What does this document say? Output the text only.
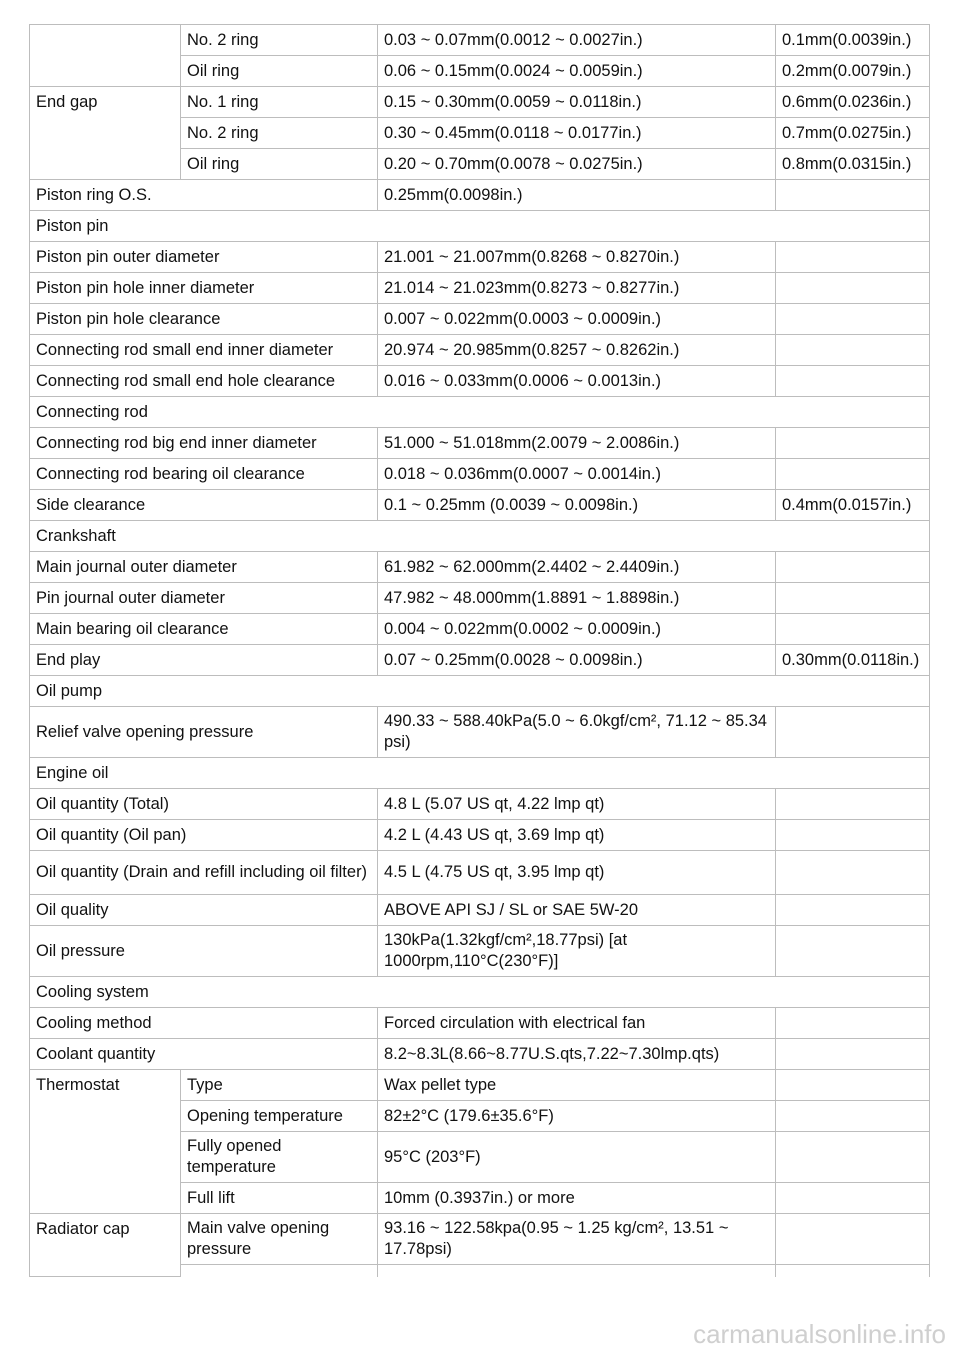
	No. 2 ring	0.03 ~ 0.07mm(0.0012 ~ 0.0027in.)	0.1mm(0.0039in.)
	Oil ring	0.06 ~ 0.15mm(0.0024 ~ 0.0059in.)	0.2mm(0.0079in.)
End gap	No. 1 ring	0.15 ~ 0.30mm(0.0059 ~ 0.0118in.)	0.6mm(0.0236in.)
	No. 2 ring	0.30 ~ 0.45mm(0.0118 ~ 0.0177in.)	0.7mm(0.0275in.)
	Oil ring	0.20 ~ 0.70mm(0.0078 ~ 0.0275in.)	0.8mm(0.0315in.)
Piston ring O.S.		0.25mm(0.0098in.)	
Piston pin			
Piston pin outer diameter		21.001 ~ 21.007mm(0.8268 ~ 0.8270in.)	
Piston pin hole inner diameter		21.014 ~ 21.023mm(0.8273 ~ 0.8277in.)	
Piston pin hole clearance		0.007 ~ 0.022mm(0.0003 ~ 0.0009in.)	
Connecting rod small end inner diameter		20.974 ~ 20.985mm(0.8257 ~ 0.8262in.)	
Connecting rod small end hole clearance		0.016 ~ 0.033mm(0.0006 ~ 0.0013in.)	
Connecting rod			
Connecting rod big end inner diameter		51.000 ~ 51.018mm(2.0079 ~ 2.0086in.)	
Connecting rod bearing oil clearance		0.018 ~ 0.036mm(0.0007 ~ 0.0014in.)	
Side clearance		0.1 ~ 0.25mm (0.0039 ~ 0.0098in.)	0.4mm(0.0157in.)
Crankshaft			
Main journal outer diameter		61.982 ~ 62.000mm(2.4402 ~ 2.4409in.)	
Pin journal outer diameter		47.982 ~ 48.000mm(1.8891 ~ 1.8898in.)	
Main bearing oil clearance		0.004 ~ 0.022mm(0.0002 ~ 0.0009in.)	
End play		0.07 ~ 0.25mm(0.0028 ~ 0.0098in.)	0.30mm(0.0118in.)
Oil pump			
Relief valve opening pressure		490.33 ~ 588.40kPa(5.0 ~ 6.0kgf/cm², 71.12 ~ 85.34 psi)	
Engine oil			
Oil quantity (Total)		4.8 L (5.07 US qt, 4.22 lmp qt)	
Oil quantity (Oil pan)		4.2 L (4.43 US qt, 3.69 lmp qt)	
Oil quantity (Drain and refill including oil filter)		4.5 L (4.75 US qt, 3.95 lmp qt)	
Oil quality		ABOVE API SJ / SL or SAE 5W-20	
Oil pressure		130kPa(1.32kgf/cm²,18.77psi) [at 1000rpm,110°C(230°F)]	
Cooling system			
Cooling method		Forced circulation with electrical fan	
Coolant quantity		8.2~8.3L(8.66~8.77U.S.qts,7.22~7.30lmp.qts)	
Thermostat	Type	Wax pellet type	
	Opening temperature	82±2°C (179.6±35.6°F)	
	Fully opened temperature	95°C (203°F)	
	Full lift	10mm (0.3937in.) or more	
Radiator cap	Main valve opening pressure	93.16 ~ 122.58kpa(0.95 ~ 1.25 kg/cm², 13.51 ~ 17.78psi)	

carmanualsonline.info
